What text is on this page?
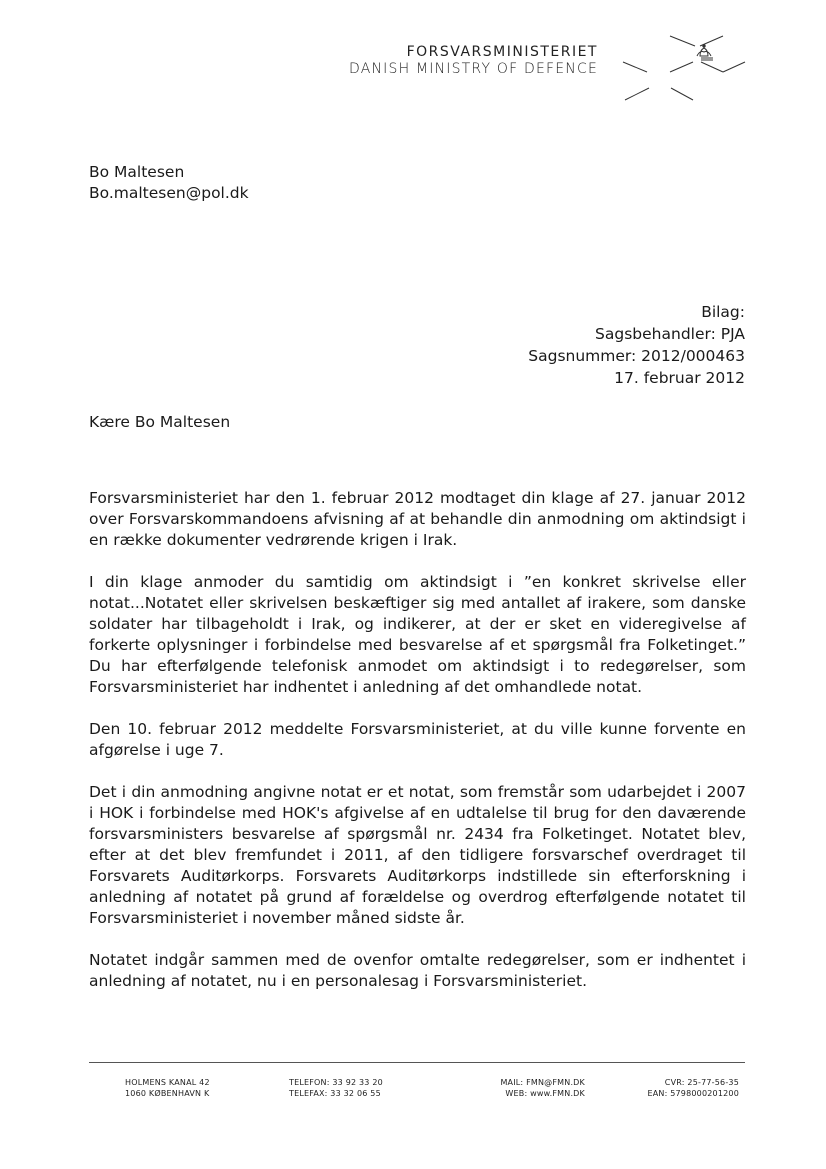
FORSVARSMINISTERIET
DANISH MINISTRY OF DEFENCE
Bo Maltesen
Bo.maltesen@pol.dk
Bilag:
Sagsbehandler: PJA
Sagsnummer: 2012/000463
17. februar 2012

Kære Bo Maltesen

Forsvarsministeriet har den 1. februar 2012 modtaget din klage af 27. januar 2012 over Forsvarskommandoens afvisning af at behandle din anmodning om aktindsigt i en række dokumenter vedrørende krigen i Irak.

I din klage anmoder du samtidig om aktindsigt i ”en konkret skrivelse eller notat...Notatet eller skrivelsen beskæftiger sig med antallet af irakere, som danske soldater har tilbageholdt i Irak, og indikerer, at der er sket en videregivelse af forkerte oplysninger i forbindelse med besvarelse af et spørgsmål fra Folketinget.” Du har efterfølgende telefonisk anmodet om aktindsigt i to redegørelser, som Forsvarsministeriet har indhentet i anledning af det omhandlede notat.

Den 10. februar 2012 meddelte Forsvarsministeriet, at du ville kunne forvente en afgørelse i uge 7.

Det i din anmodning angivne notat er et notat, som fremstår som udarbejdet i 2007 i HOK i forbindelse med HOK's afgivelse af en udtalelse til brug for den daværende forsvarsministers besvarelse af spørgsmål nr. 2434 fra Folketinget. Notatet blev, efter at det blev fremfundet i 2011, af den tidligere forsvarschef overdraget til Forsvarets Auditørkorps. Forsvarets Auditørkorps indstillede sin efterforskning i anledning af notatet på grund af forældelse og overdrog efterfølgende notatet til Forsvarsministeriet i november måned sidste år.

Notatet indgår sammen med de ovenfor omtalte redegørelser, som er indhentet i anledning af notatet, nu i en personalesag i Forsvarsministeriet.

HOLMENS KANAL 42
1060 KØBENHAVN K
TELEFON: 33 92 33 20
TELEFAX: 33 32 06 55
MAIL: FMN@FMN.DK
WEB: www.FMN.DK
CVR: 25-77-56-35
EAN: 5798000201200
